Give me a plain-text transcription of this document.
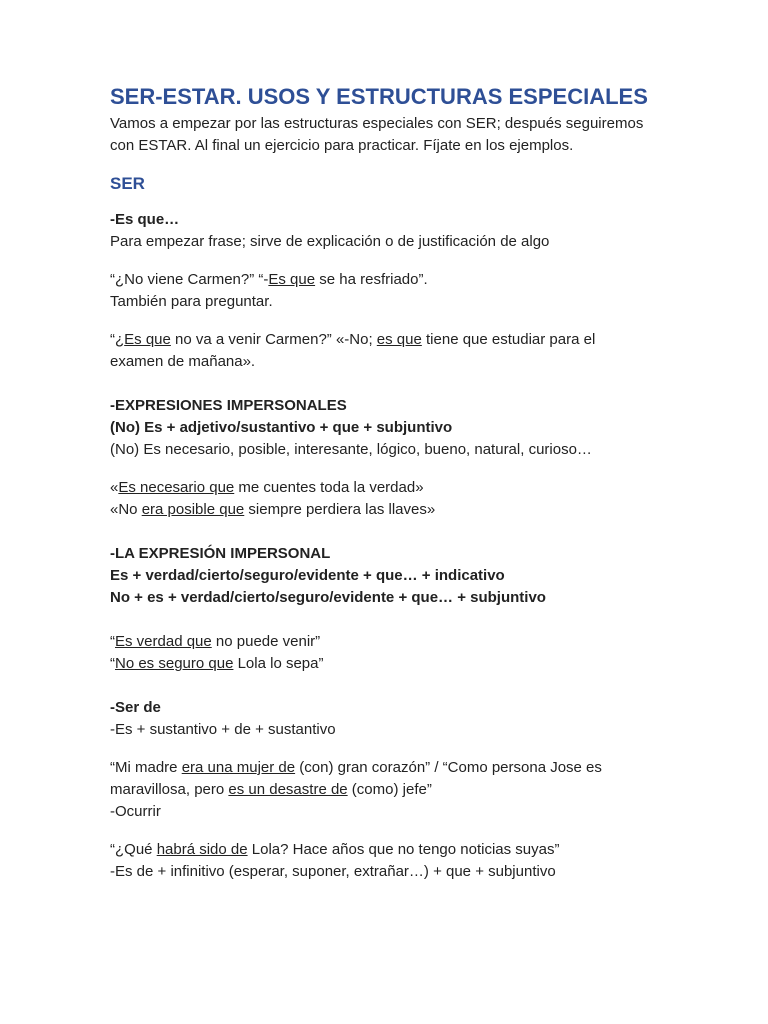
SER-ESTAR. USOS Y ESTRUCTURAS ESPECIALES
Vamos a empezar por las estructuras especiales con SER; después seguiremos con ESTAR. Al final un ejercicio para practicar. Fíjate en los ejemplos.
SER
-Es que…
Para empezar frase; sirve de explicación o de justificación de algo
“¿No viene Carmen?” “-Es que se ha resfriado”.
También para preguntar.
“¿Es que no va a venir Carmen?” «-No; es que tiene que estudiar para el examen de mañana».
-EXPRESIONES IMPERSONALES
(No) Es + adjetivo/sustantivo + que + subjuntivo
(No) Es necesario, posible, interesante, lógico, bueno, natural, curioso…
«Es necesario que me cuentes toda la verdad»
«No era posible que siempre perdiera las llaves»
-LA EXPRESIÓN IMPERSONAL
Es + verdad/cierto/seguro/evidente + que… + indicativo
No + es + verdad/cierto/seguro/evidente + que… + subjuntivo
“Es verdad que no puede venir”
“No es seguro que Lola lo sepa”
-Ser de
-Es + sustantivo + de + sustantivo
“Mi madre era una mujer de (con) gran corazón” / “Como persona Jose es maravillosa, pero es un desastre de (como) jefe”
-Ocurrir
“¿Qué habrá sido de Lola? Hace años que no tengo noticias suyas”
-Es de + infinitivo (esperar, suponer, extrañar…) + que + subjuntivo
